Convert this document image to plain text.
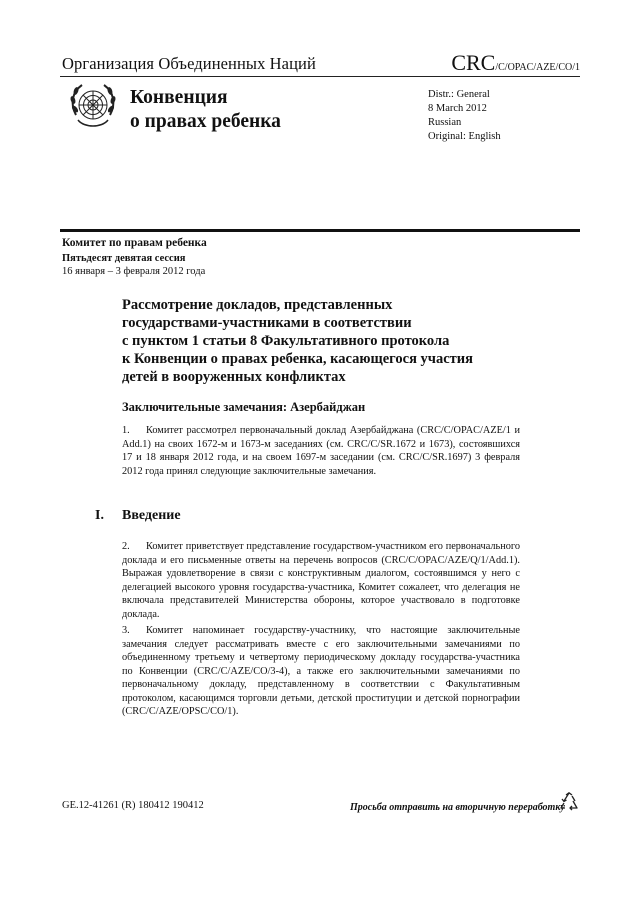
Организация Объединенных Наций	CRC/C/OPAC/AZE/CO/1
Конвенция
о правах ребенка
Distr.: General
8 March 2012
Russian
Original: English
Комитет по правам ребенка
Пятьдесят девятая сессия
16 января – 3 февраля 2012 года
Рассмотрение докладов, представленных
государствами-участниками в соответствии
с пунктом 1 статьи 8 Факультативного протокола
к Конвенции о правах ребенка, касающегося участия
детей в вооруженных конфликтах
Заключительные замечания: Азербайджан
1. Комитет рассмотрел первоначальный доклад Азербайджана (CRC/C/OPAC/AZE/1 и Add.1) на своих 1672-м и 1673-м заседаниях (см. CRC/C/SR.1672 и 1673), состоявшихся 17 и 18 января 2012 года, и на своем 1697-м заседании (см. CRC/C/SR.1697) 3 февраля 2012 года принял следующие заключительные замечания.
I. Введение
2. Комитет приветствует представление государством-участником его первоначального доклада и его письменные ответы на перечень вопросов (CRC/C/OPAC/AZE/Q/1/Add.1). Выражая удовлетворение в связи с конструктивным диалогом, состоявшимся у него с делегацией высокого уровня государства-участника, Комитет сожалеет, что делегация не включала представителей Министерства обороны, которое участвовало в подготовке доклада.
3. Комитет напоминает государству-участнику, что настоящие заключительные замечания следует рассматривать вместе с его заключительными замечаниями по объединенному третьему и четвертому периодическому докладу государства-участника по Конвенции (CRC/C/AZE/CO/3-4), а также его заключительными замечаниями по первоначальному докладу, представленному в соответствии с Факультативным протоколом, касающимся торговли детьми, детской проституции и детской порнографии (CRC/C/AZE/OPSC/CO/1).
GE.12-41261 (R) 180412 190412	Просьба отправить на вторичную переработку
